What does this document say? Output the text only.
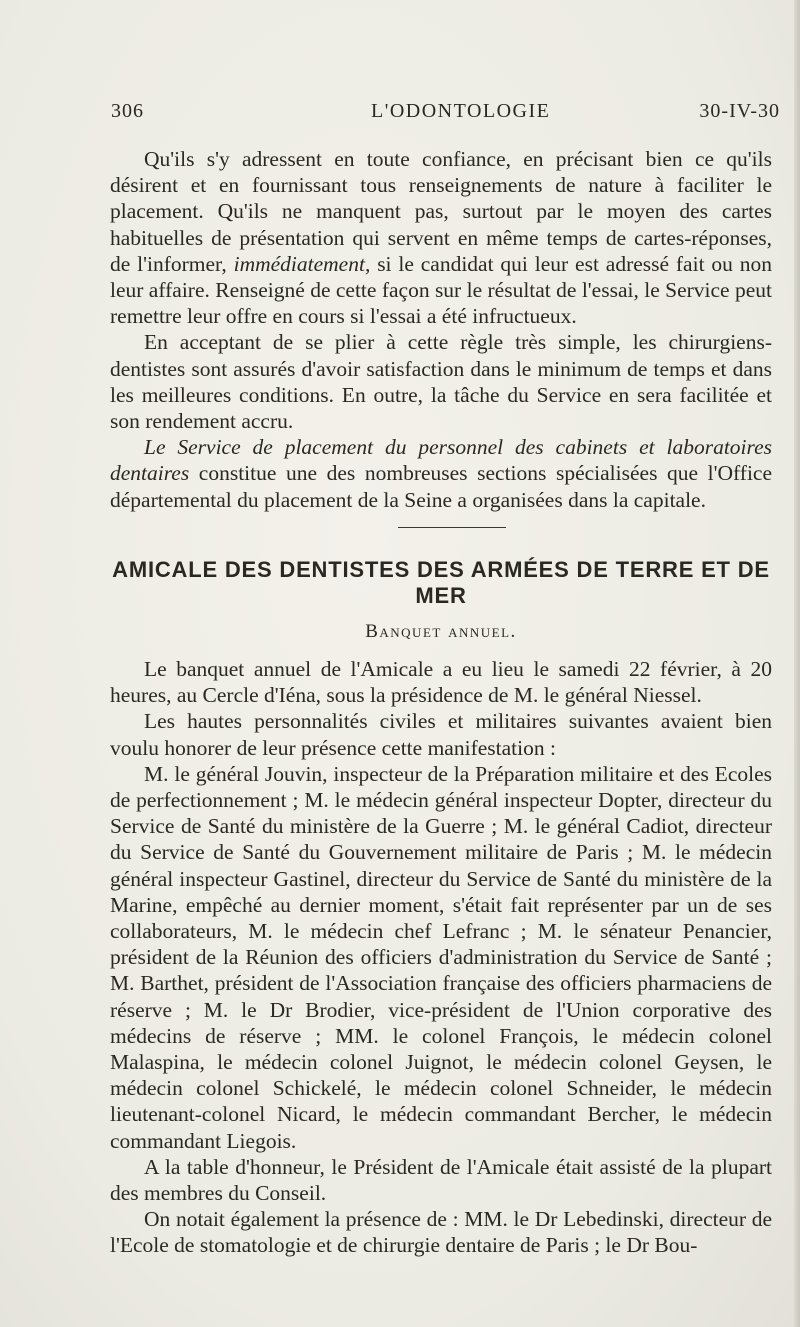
306	L'ODONTOLOGIE	30-IV-30

Qu'ils s'y adressent en toute confiance, en précisant bien ce qu'ils désirent et en fournissant tous renseignements de nature à faciliter le placement. Qu'ils ne manquent pas, surtout par le moyen des cartes habituelles de présentation qui servent en même temps de cartes-réponses, de l'informer, immédiatement, si le candidat qui leur est adressé fait ou non leur affaire. Renseigné de cette façon sur le résultat de l'essai, le Service peut remettre leur offre en cours si l'essai a été infructueux.

En acceptant de se plier à cette règle très simple, les chirurgiens-dentistes sont assurés d'avoir satisfaction dans le minimum de temps et dans les meilleures conditions. En outre, la tâche du Service en sera facilitée et son rendement accru.

Le Service de placement du personnel des cabinets et laboratoires dentaires constitue une des nombreuses sections spécialisées que l'Office départemental du placement de la Seine a organisées dans la capitale.

AMICALE DES DENTISTES DES ARMÉES DE TERRE ET DE MER
Banquet annuel.

Le banquet annuel de l'Amicale a eu lieu le samedi 22 février, à 20 heures, au Cercle d'Iéna, sous la présidence de M. le général Niessel.

Les hautes personnalités civiles et militaires suivantes avaient bien voulu honorer de leur présence cette manifestation :

M. le général Jouvin, inspecteur de la Préparation militaire et des Ecoles de perfectionnement ; M. le médecin général inspecteur Dopter, directeur du Service de Santé du ministère de la Guerre ; M. le général Cadiot, directeur du Service de Santé du Gouvernement militaire de Paris ; M. le médecin général inspecteur Gastinel, directeur du Service de Santé du ministère de la Marine, empêché au dernier moment, s'était fait représenter par un de ses collaborateurs, M. le médecin chef Lefranc ; M. le sénateur Penancier, président de la Réunion des officiers d'administration du Service de Santé ; M. Barthet, président de l'Association française des officiers pharmaciens de réserve ; M. le Dr Brodier, vice-président de l'Union corporative des médecins de réserve ; MM. le colonel François, le médecin colonel Malaspina, le médecin colonel Juignot, le médecin colonel Geysen, le médecin colonel Schickelé, le médecin colonel Schneider, le médecin lieutenant-colonel Nicard, le médecin commandant Bercher, le médecin commandant Liegois.

A la table d'honneur, le Président de l'Amicale était assisté de la plupart des membres du Conseil.

On notait également la présence de : MM. le Dr Lebedinski, directeur de l'Ecole de stomatologie et de chirurgie dentaire de Paris ; le Dr Bou-
